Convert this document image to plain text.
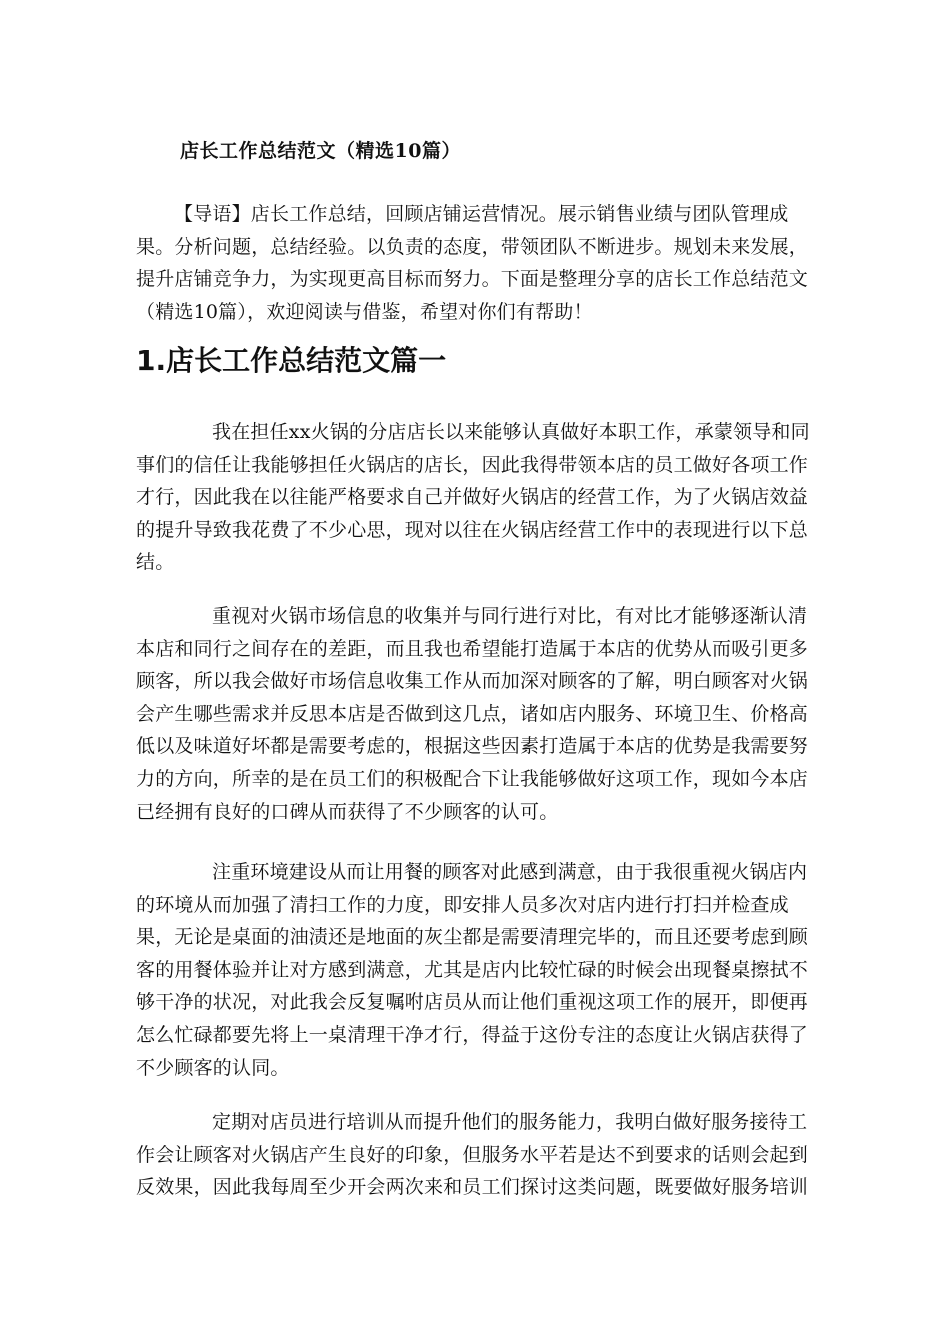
店长工作总结范文（精选10篇）

【导语】店长工作总结，回顾店铺运营情况。展示销售业绩与团队管理成果。分析问题，总结经验。以负责的态度，带领团队不断进步。规划未来发展，提升店铺竞争力，为实现更高目标而努力。下面是整理分享的店长工作总结范文（精选10篇），欢迎阅读与借鉴，希望对你们有帮助！

1.店长工作总结范文篇一

我在担任xx火锅的分店店长以来能够认真做好本职工作，承蒙领导和同事们的信任让我能够担任火锅店的店长，因此我得带领本店的员工做好各项工作才行，因此我在以往能严格要求自己并做好火锅店的经营工作，为了火锅店效益的提升导致我花费了不少心思，现对以往在火锅店经营工作中的表现进行以下总结。

重视对火锅市场信息的收集并与同行进行对比，有对比才能够逐渐认清本店和同行之间存在的差距，而且我也希望能打造属于本店的优势从而吸引更多顾客，所以我会做好市场信息收集工作从而加深对顾客的了解，明白顾客对火锅会产生哪些需求并反思本店是否做到这几点，诸如店内服务、环境卫生、价格高低以及味道好坏都是需要考虑的，根据这些因素打造属于本店的优势是我需要努力的方向，所幸的是在员工们的积极配合下让我能够做好这项工作，现如今本店已经拥有良好的口碑从而获得了不少顾客的认可。

注重环境建设从而让用餐的顾客对此感到满意，由于我很重视火锅店内的环境从而加强了清扫工作的力度，即安排人员多次对店内进行打扫并检查成果，无论是桌面的油渍还是地面的灰尘都是需要清理完毕的，而且还要考虑到顾客的用餐体验并让对方感到满意，尤其是店内比较忙碌的时候会出现餐桌擦拭不够干净的状况，对此我会反复嘱咐店员从而让他们重视这项工作的展开，即便再怎么忙碌都要先将上一桌清理干净才行，得益于这份专注的态度让火锅店获得了不少顾客的认同。

定期对店员进行培训从而提升他们的服务能力，我明白做好服务接待工作会让顾客对火锅店产生良好的印象，但服务水平若是达不到要求的话则会起到反效果，因此我每周至少开会两次来和员工们探讨这类问题，既要做好服务培训
